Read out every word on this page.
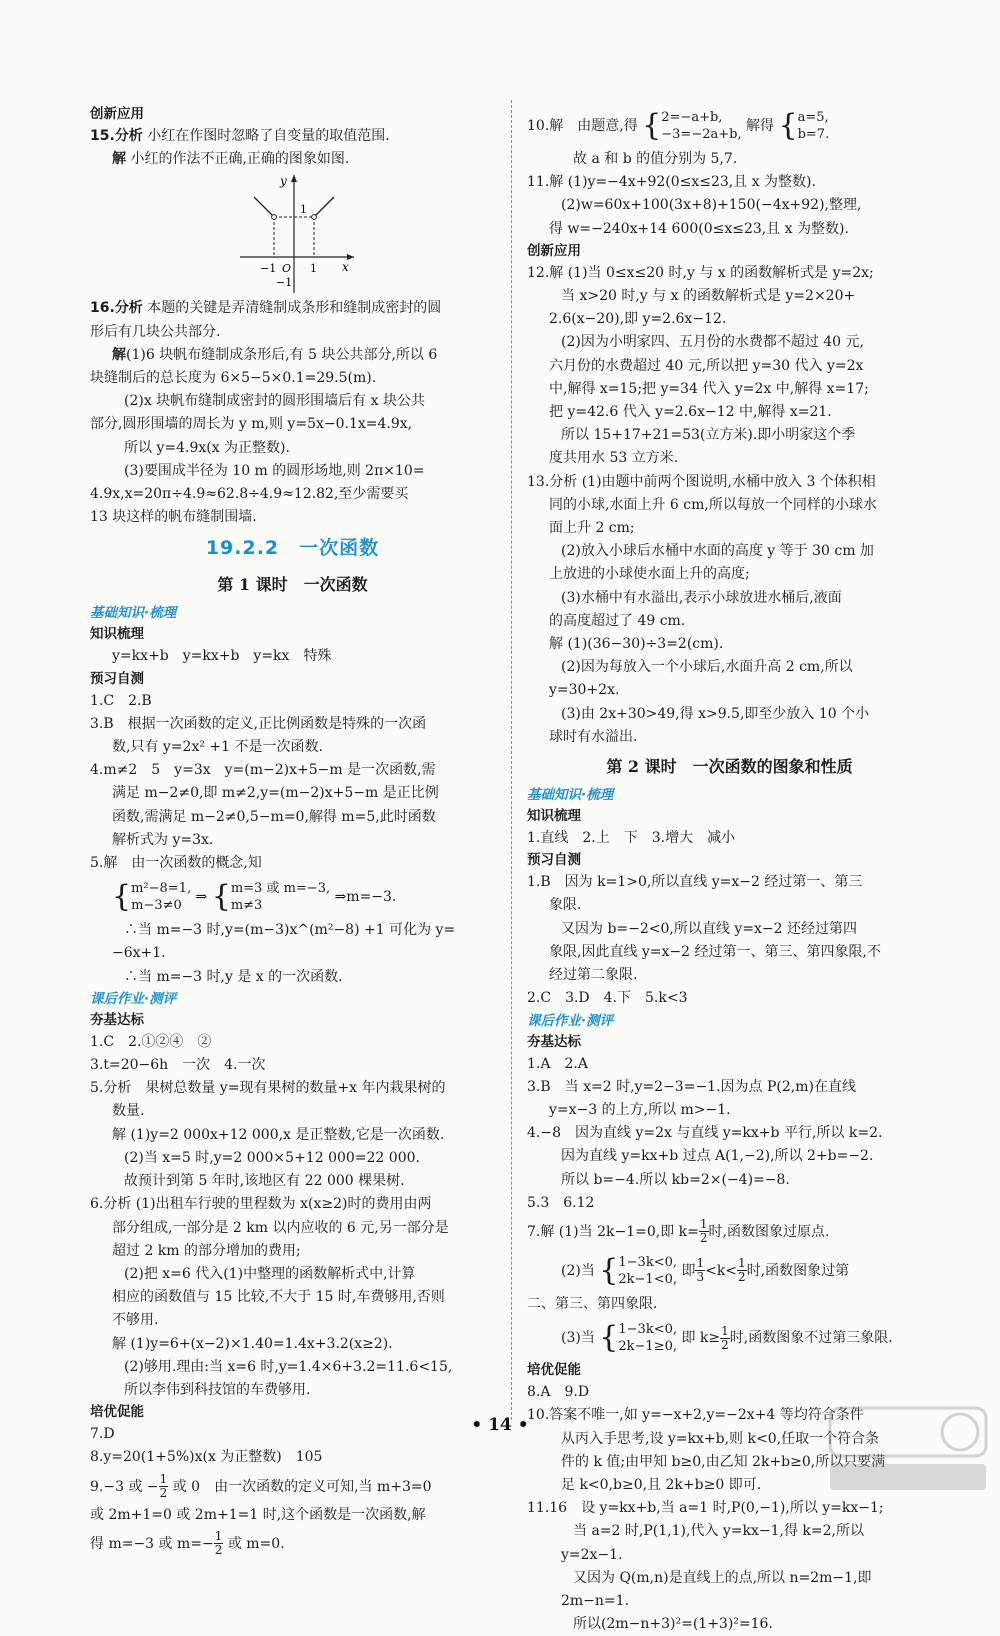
创新应用
15.分析 小红在作图时忽略了自变量的取值范围.
解 小红的作法不正确,正确的图象如图.
y
1
−1 O 1
−1
x
16.分析 本题的关键是弄清缝制成条形和缝制成密封的圆
形后有几块公共部分.
解(1)6 块帆布缝制成条形后,有 5 块公共部分,所以 6
块缝制后的总长度为 6×5−5×0.1=29.5(m).
(2)x 块帆布缝制成密封的圆形围墙后有 x 块公共
部分,圆形围墙的周长为 y m,则 y=5x−0.1x=4.9x,
所以 y=4.9x(x 为正整数).
(3)要围成半径为 10 m 的圆形场地,则 2π×10=
4.9x,x=20π÷4.9≈62.8÷4.9≈12.82,至少需要买
13 块这样的帆布缝制围墙.
19.2.2　一次函数
第 1 课时　一次函数
基础知识·梳理
知识梳理
y=kx+b　y=kx+b　y=kx　特殊
预习自测
1.C　2.B
3.B　根据一次函数的定义,正比例函数是特殊的一次函
数,只有 y=2x² +1 不是一次函数.
4.m≠2　5　y=3x　y=(m−2)x+5−m 是一次函数,需
满足 m−2≠0,即 m≠2,y=(m−2)x+5−m 是正比例
函数,需满足 m−2≠0,5−m=0,解得 m=5,此时函数
解析式为 y=3x.
5.解　由一次函数的概念,知
{m²−8=1,
m−3≠0 ⇒ {m=3 或 m=−3,
m≠3 ⇒m=−3.
∴当 m=−3 时,y=(m−3)x^(m²−8) +1 可化为 y=
−6x+1.
∴当 m=−3 时,y 是 x 的一次函数.
课后作业·测评
夯基达标
1.C　2.①②④　②
3.t=20−6h　一次　4.一次
5.分析　果树总数量 y=现有果树的数量+x 年内栽果树的
数量.
解 (1)y=2 000x+12 000,x 是正整数,它是一次函数.
(2)当 x=5 时,y=2 000×5+12 000=22 000.
故预计到第 5 年时,该地区有 22 000 棵果树.
6.分析 (1)出租车行驶的里程数为 x(x≥2)时的费用由两
部分组成,一部分是 2 km 以内应收的 6 元,另一部分是
超过 2 km 的部分增加的费用;
(2)把 x=6 代入(1)中整理的函数解析式中,计算
相应的函数值与 15 比较,不大于 15 时,车费够用,否则
不够用.
解 (1)y=6+(x−2)×1.40=1.4x+3.2(x≥2).
(2)够用.理由:当 x=6 时,y=1.4×6+3.2=11.6<15,
所以李伟到科技馆的车费够用.
培优促能
7.D
8.y=20(1+5%)x(x 为正整数)　105
9.−3 或 − $\frac{1}{2}$ 或 0　由一次函数的定义可知,当 m+3=0
或 2m+1=0 或 2m+1=1 时,这个函数是一次函数,解
得 m=−3 或 $m=- \frac{1}{2}$ 或 m=0.
10.解　由题意,得 {2=−a+b,
−3=−2a+b, 解得 {a=5,
b=7.
故 a 和 b 的值分别为 5,7.
11.解 (1)y=−4x+92(0≤x≤23,且 x 为整数).
(2)w=60x+100(3x+8)+150(−4x+92),整理,
得 w=−240x+14 600(0≤x≤23,且 x 为整数).
创新应用
12.解 (1)当 0≤x≤20 时,y 与 x 的函数解析式是 y=2x;
当 x>20 时,y 与 x 的函数解析式是 y=2×20+
2.6(x−20),即 y=2.6x−12.
(2)因为小明家四、五月份的水费都不超过 40 元,
六月份的水费超过 40 元,所以把 y=30 代入 y=2x
中,解得 x=15;把 y=34 代入 y=2x 中,解得 x=17;
把 y=42.6 代入 y=2.6x−12 中,解得 x=21.
所以 15+17+21=53(立方米).即小明家这个季
度共用水 53 立方米.
13.分析 (1)由题中前两个图说明,水桶中放入 3 个体积相
同的小球,水面上升 6 cm,所以每放一个同样的小球水
面上升 2 cm;
(2)放入小球后水桶中水面的高度 y 等于 30 cm 加
上放进的小球使水面上升的高度;
(3)水桶中有水溢出,表示小球放进水桶后,液面
的高度超过了 49 cm.
解 (1)(36−30)÷3=2(cm).
(2)因为每放入一个小球后,水面升高 2 cm,所以
y=30+2x.
(3)由 2x+30>49,得 x>9.5,即至少放入 10 个小
球时有水溢出.
第 2 课时　一次函数的图象和性质
基础知识·梳理
知识梳理
1.直线　2.上　下　3.增大　减小
预习自测
1.B　因为 k=1>0,所以直线 y=x−2 经过第一、第三
象限.
又因为 b=−2<0,所以直线 y=x−2 还经过第四
象限,因此直线 y=x−2 经过第一、第三、第四象限,不
经过第二象限.
2.C　3.D　4.下　5.k<3
课后作业·测评
夯基达标
1.A　2.A
3.B　当 x=2 时,y=2−3=−1.因为点 P(2,m)在直线
y=x−3 的上方,所以 m>−1.
4.−8　因为直线 y=2x 与直线 y=kx+b 平行,所以 k=2.
因为直线 y=kx+b 过点 A(1,−2),所以 2+b=−2.
所以 b=−4.所以 kb=2×(−4)=−8.
5.3　6.12
7.解 (1)当 2k−1=0,即 $k= \frac{1}{2}$ 时,函数图象过原点.
(2)当 {1−3k<0,
2k−1<0, 即 $\frac{1}{3} <k< \frac{1}{2}$ 时,函数图象过第
二、第三、第四象限.
(3)当 {1−3k<0,
2k−1≥0, 即 $k\ge \frac{1}{2}$ 时,函数图象不过第三象限.
培优促能
8.A　9.D
10.答案不唯一,如 y=−x+2,y=−2x+4 等均符合条件
从丙入手思考,设 y=kx+b,则 k<0,任取一个符合条
件的 k 值;由甲知 b≥0,由乙知 2k+b≥0,所以只要满
足 k<0,b≥0,且 2k+b≥0 即可.
11.16　设 y=kx+b,当 a=1 时,P(0,−1),所以 y=kx−1;
当 a=2 时,P(1,1),代入 y=kx−1,得 k=2,所以
y=2x−1.
又因为 Q(m,n)是直线上的点,所以 n=2m−1,即
2m−n=1.
所以(2m−n+3)²=(1+3)²=16.
• 14 •
